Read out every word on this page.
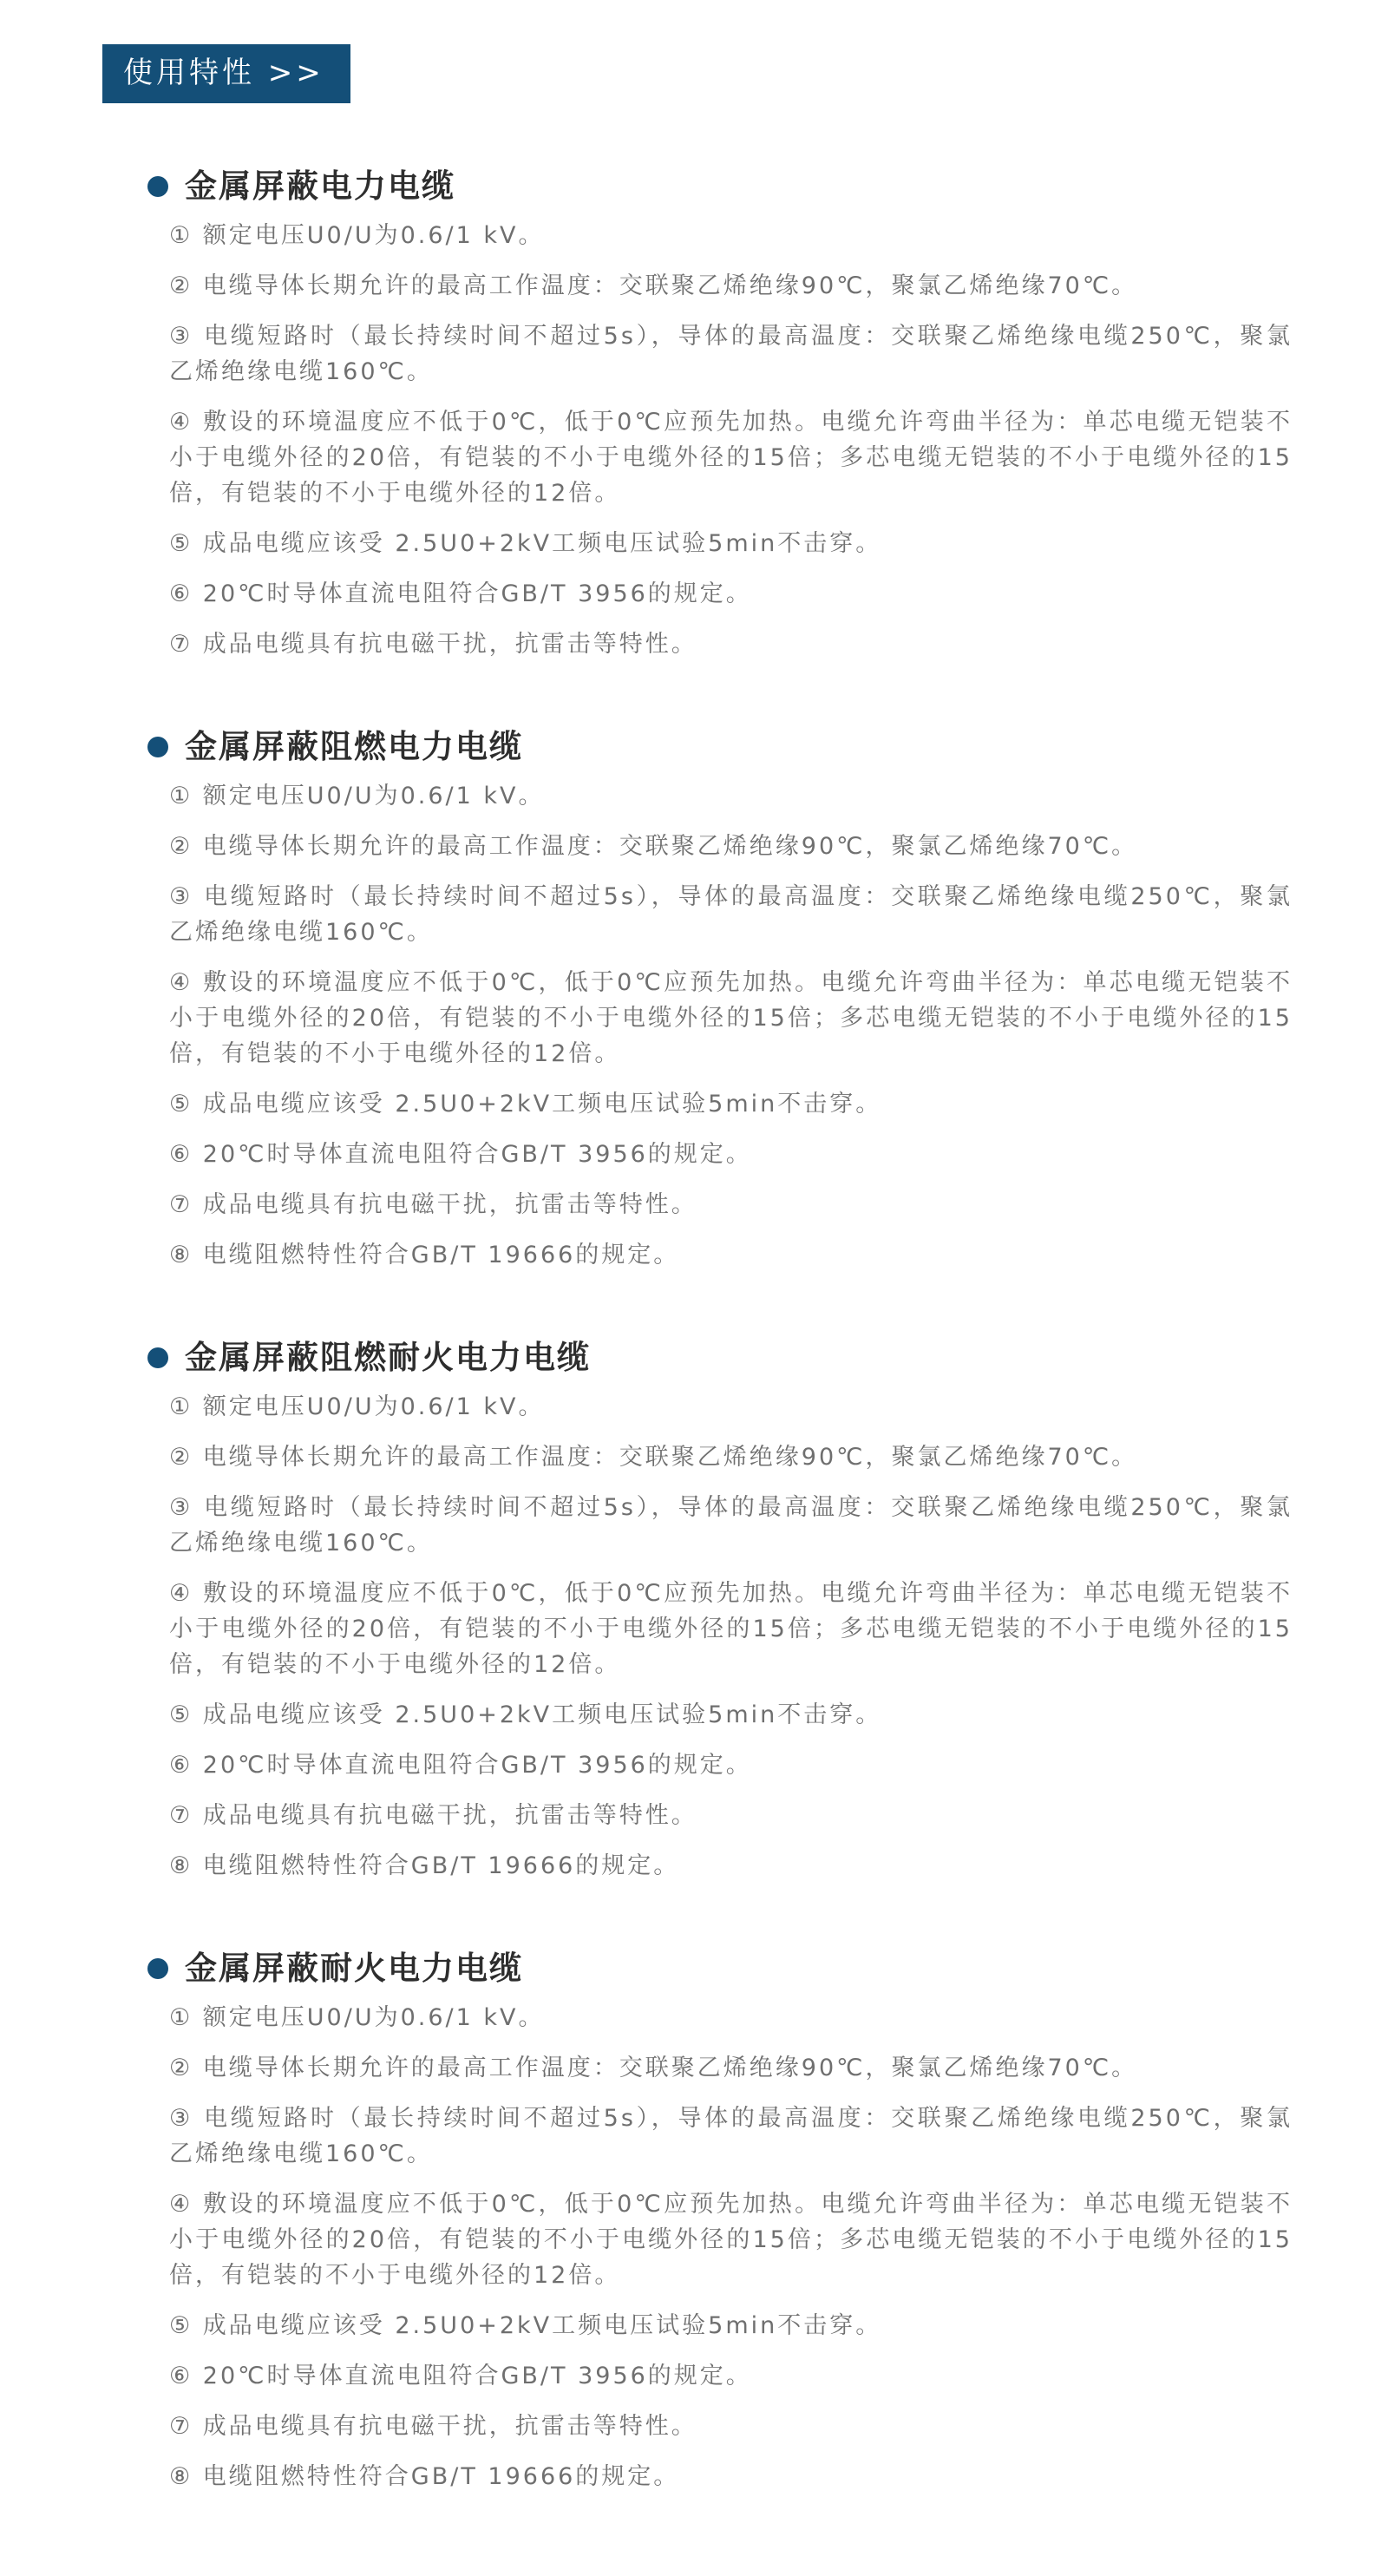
使用特性 >>
金属屏蔽电力电缆

① 额定电压U0/U为0.6/1 kV。

② 电缆导体长期允许的最高工作温度：交联聚乙烯绝缘90℃，聚氯乙烯绝缘70℃。

③ 电缆短路时（最长持续时间不超过5s），导体的最高温度：交联聚乙烯绝缘电缆250℃，聚氯乙烯绝缘电缆160℃。

④ 敷设的环境温度应不低于0℃，低于0℃应预先加热。电缆允许弯曲半径为：单芯电缆无铠装不小于电缆外径的20倍，有铠装的不小于电缆外径的15倍；多芯电缆无铠装的不小于电缆外径的15倍，有铠装的不小于电缆外径的12倍。

⑤ 成品电缆应该受 2.5U0+2kV工频电压试验5min不击穿。

⑥ 20℃时导体直流电阻符合GB/T 3956的规定。

⑦ 成品电缆具有抗电磁干扰，抗雷击等特性。

金属屏蔽阻燃电力电缆

① 额定电压U0/U为0.6/1 kV。

② 电缆导体长期允许的最高工作温度：交联聚乙烯绝缘90℃，聚氯乙烯绝缘70℃。

③ 电缆短路时（最长持续时间不超过5s），导体的最高温度：交联聚乙烯绝缘电缆250℃，聚氯乙烯绝缘电缆160℃。

④ 敷设的环境温度应不低于0℃，低于0℃应预先加热。电缆允许弯曲半径为：单芯电缆无铠装不小于电缆外径的20倍，有铠装的不小于电缆外径的15倍；多芯电缆无铠装的不小于电缆外径的15倍，有铠装的不小于电缆外径的12倍。

⑤ 成品电缆应该受 2.5U0+2kV工频电压试验5min不击穿。

⑥ 20℃时导体直流电阻符合GB/T 3956的规定。

⑦ 成品电缆具有抗电磁干扰，抗雷击等特性。

⑧ 电缆阻燃特性符合GB/T 19666的规定。

金属屏蔽阻燃耐火电力电缆

① 额定电压U0/U为0.6/1 kV。

② 电缆导体长期允许的最高工作温度：交联聚乙烯绝缘90℃，聚氯乙烯绝缘70℃。

③ 电缆短路时（最长持续时间不超过5s），导体的最高温度：交联聚乙烯绝缘电缆250℃，聚氯乙烯绝缘电缆160℃。

④ 敷设的环境温度应不低于0℃，低于0℃应预先加热。电缆允许弯曲半径为：单芯电缆无铠装不小于电缆外径的20倍，有铠装的不小于电缆外径的15倍；多芯电缆无铠装的不小于电缆外径的15倍，有铠装的不小于电缆外径的12倍。

⑤ 成品电缆应该受 2.5U0+2kV工频电压试验5min不击穿。

⑥ 20℃时导体直流电阻符合GB/T 3956的规定。

⑦ 成品电缆具有抗电磁干扰，抗雷击等特性。

⑧ 电缆阻燃特性符合GB/T 19666的规定。

金属屏蔽耐火电力电缆

① 额定电压U0/U为0.6/1 kV。

② 电缆导体长期允许的最高工作温度：交联聚乙烯绝缘90℃，聚氯乙烯绝缘70℃。

③ 电缆短路时（最长持续时间不超过5s），导体的最高温度：交联聚乙烯绝缘电缆250℃，聚氯乙烯绝缘电缆160℃。

④ 敷设的环境温度应不低于0℃，低于0℃应预先加热。电缆允许弯曲半径为：单芯电缆无铠装不小于电缆外径的20倍，有铠装的不小于电缆外径的15倍；多芯电缆无铠装的不小于电缆外径的15倍，有铠装的不小于电缆外径的12倍。

⑤ 成品电缆应该受 2.5U0+2kV工频电压试验5min不击穿。

⑥ 20℃时导体直流电阻符合GB/T 3956的规定。

⑦ 成品电缆具有抗电磁干扰，抗雷击等特性。

⑧ 电缆阻燃特性符合GB/T 19666的规定。
